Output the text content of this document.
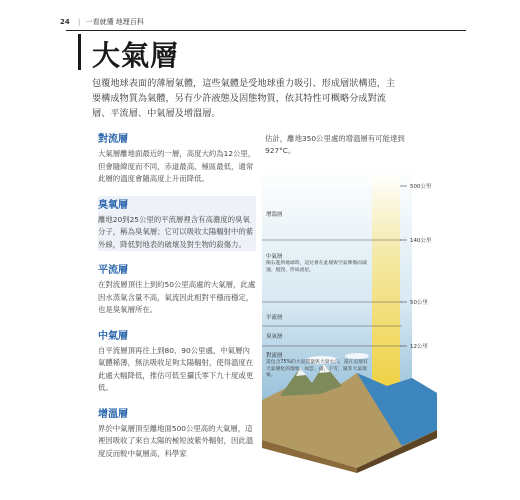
24 | 一看就懂 地理百科
大氣層
包覆地球表面的薄層氣體，這些氣體是受地球重力吸引、形成層狀構造，主要構成物質為氣體，另有少許液態及固態物質，依其特性可概略分成對流層、平流層、中氣層及增溫層。
對流層

大氣層離地面最近的一層，高度大約為12公里，但會隨緯度而不同，赤道最高、極區最低，通常此層的溫度會隨高度上升而降低。

臭氧層

離地20到25公里的平流層裡含有高濃度的臭氧分子，稱為臭氧層；它可以吸收太陽輻射中的紫外線，降低對地表的破壞及對生物的殺傷力。

平流層

在對流層頂往上到約50公里高處的大氣層，此處因水蒸氣含量不高，氣流因此相對平穩而穩定，也是臭氧層所在。

中氣層

自平流層頂再往上到80、90公里處，中氣層內氣體稀薄，無法吸收足夠太陽輻射，使得溫度在此處大幅降低，推估可低至攝氏零下九十度或更低。

增溫層

界於中氣層頂至離地面500公里高的大氣層，這裡因吸收了來自太陽的極短波紫外輻射，因此溫度反而較中氣層高，科學家

估計，離地350公里處的增溫層有可能達到927°C。
500公里
140公里
50公里
12公里
增溫層
中氣層
隕石進到地球時，這兒會在此層與空氣摩擦而減速、燒毀，形成流星。
平流層
臭氧層
對流層
還包含75%的大氣質量與大量水汽，還在這層有天氣變化的現象，如雲、雨、下雪，風等天氣現象。
